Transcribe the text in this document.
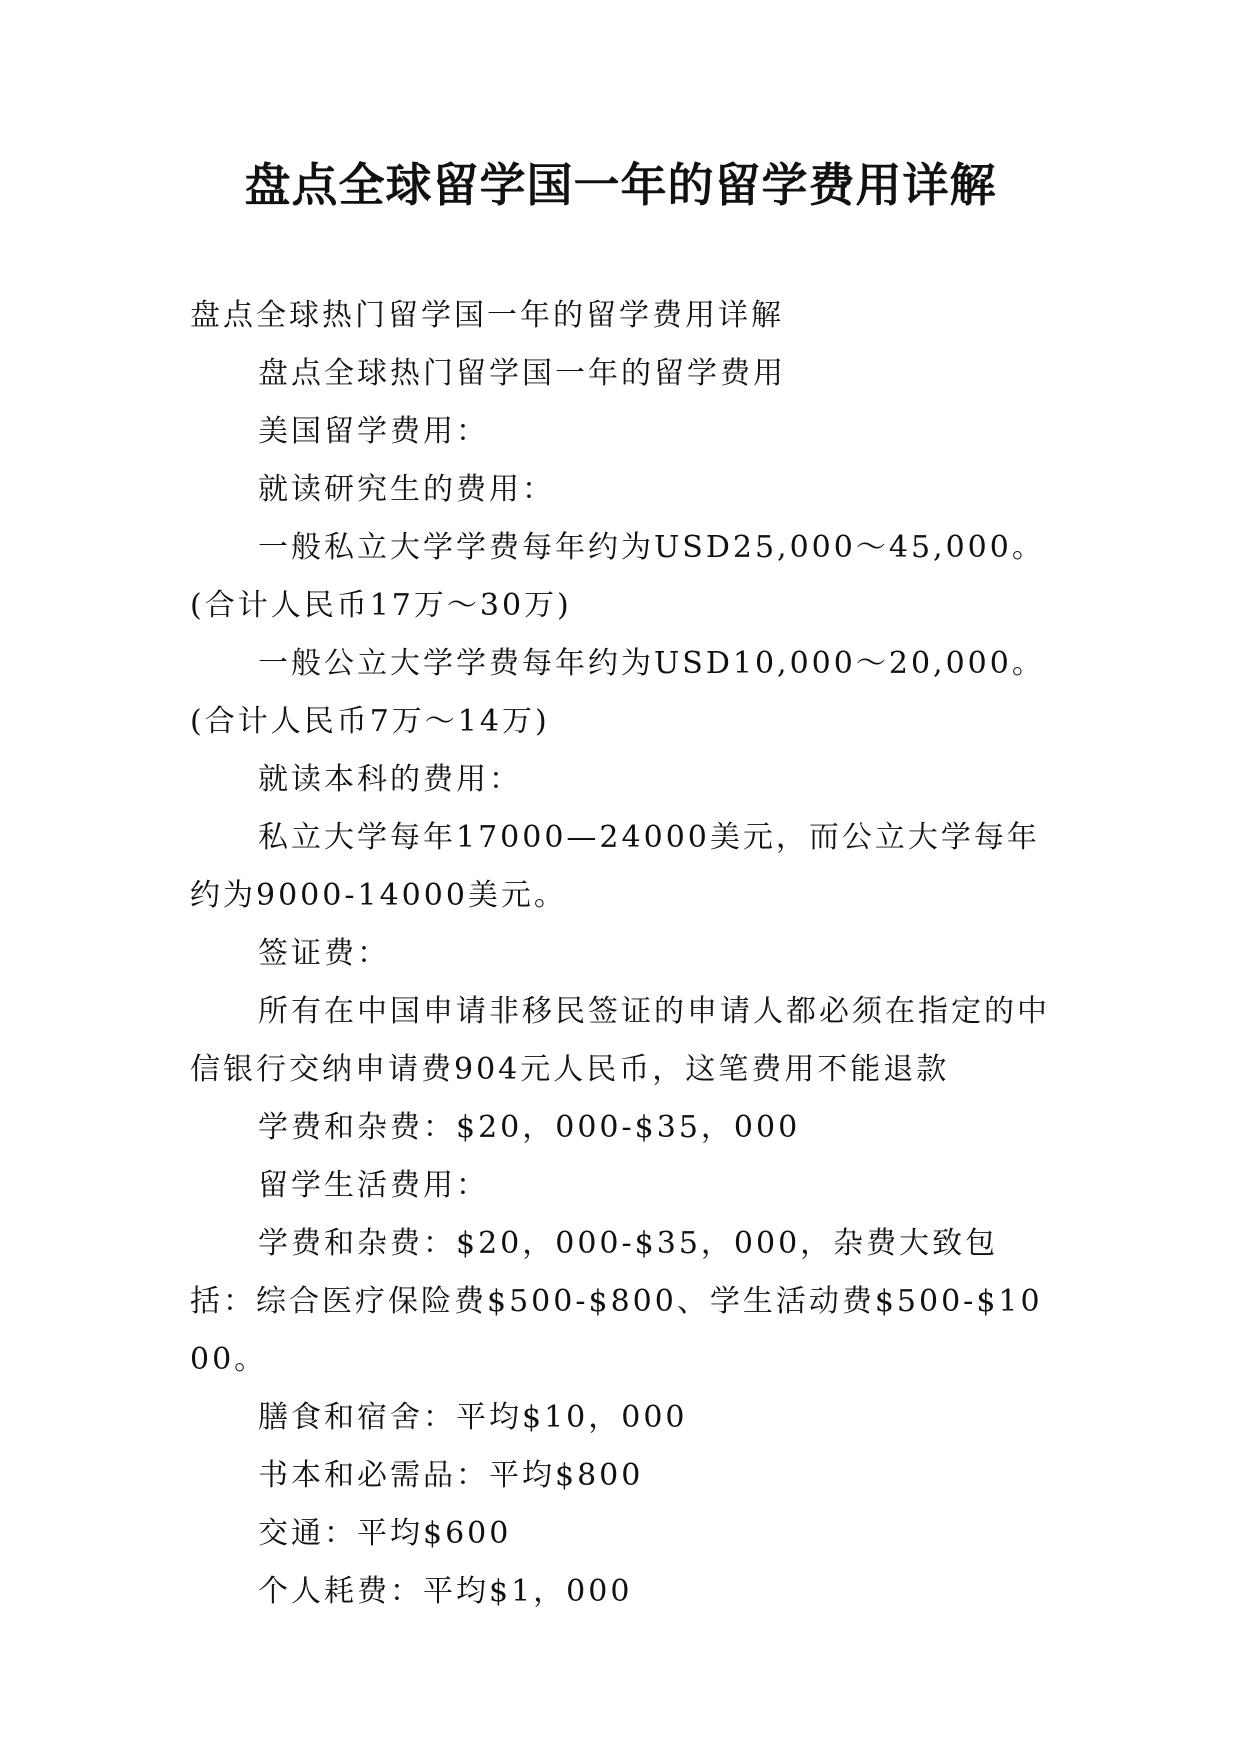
盘点全球留学国一年的留学费用详解

盘点全球热门留学国一年的留学费用详解

盘点全球热门留学国一年的留学费用

美国留学费用：

就读研究生的费用：

一般私立大学学费每年约为USD25,000～45,000。(合计人民币17万～30万)

一般公立大学学费每年约为USD10,000～20,000。(合计人民币7万～14万)

就读本科的费用：

私立大学每年17000—24000美元，而公立大学每年约为9000-14000美元。

签证费：

所有在中国申请非移民签证的申请人都必须在指定的中信银行交纳申请费904元人民币，这笔费用不能退款

学费和杂费：$20，000-$35，000

留学生活费用：

学费和杂费：$20，000-$35，000，杂费大致包括：综合医疗保险费$500-$800、学生活动费$500-$1000。

膳食和宿舍：平均$10，000

书本和必需品：平均$800

交通：平均$600

个人耗费：平均$1，000
